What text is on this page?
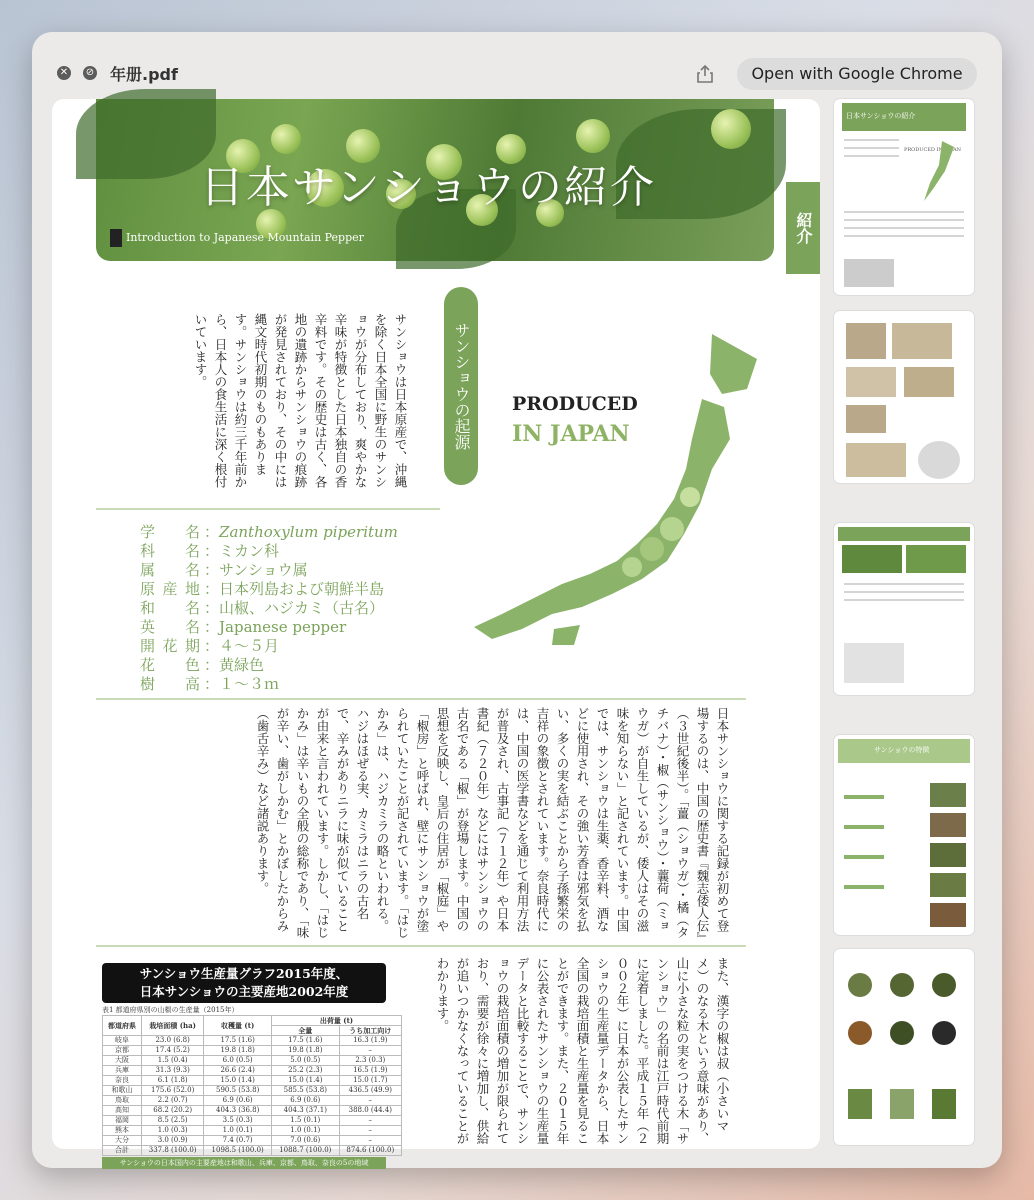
✕ ⊘ 年册.pdf	Open with Google Chrome
日本サンショウの紹介
Introduction to Japanese Mountain Pepper	紹介
サンショウは日本原産で、沖縄を除く日本全国に野生のサンショウが分布しており、爽やかな辛味が特徴とした日本独自の香辛料です。その歴史は古く、各地の遺跡からサンショウの痕跡が発見されており、その中には縄文時代初期のものもあります。サンショウは約三千年前から、日本人の食生活に深く根付いています。	サンショウの起源	PRODUCED
IN JAPAN
学名 ： Zanthoxylum piperitum
科名 ： ミカン科
属名 ： サンショウ属
原産地 ： 日本列島および朝鮮半島
和名 ： 山椒、ハジカミ（古名）
英名 ： Japanese pepper
開花期 ： ４～５月
花色 ： 黄緑色
樹高 ： １～３ｍ
日本サンショウに関する記録が初めて登場するのは、中国の歴史書『魏志倭人伝』（３世紀後半）。「薑（ショウガ）・橘（タチバナ）・椒（サンショウ）・蘘荷（ミョウガ）が自生しているが、倭人はその滋味を知らない」と記されています。中国では、サンショウは生薬、香辛料、酒などに使用され、その強い芳香は邪気を払い、多くの実を結ぶことから子孫繁栄の吉祥の象徴とされています。奈良時代には、中国の医学書などを通じて利用方法が普及され、古事記（７１２年）や日本書紀（７２０年）などにはサンショウの古名である「椒」が登場します。中国の思想を反映し、皇后の住居が「椒庭」や「椒房」と呼ばれ、壁にサンショウが塗られていたことが記されています。「はじかみ」は、ハジカミラの略といわれる。ハジはほぜる実、カミラはニラの古名で、辛みがありニラに味が似ていることが由来と言われています。しかし、「はじかみ」は辛いもの全般の総称であり、「味が辛い、歯がしかむ」とかぼしたからみ（歯舌辛み）など諸説あります。
サンショウ生産量グラフ2015年度、
日本サンショウの主要産地2002年度
表1 都道府県別の山椒の生産量（2015年）
都道府県	栽培面積 (ha)	収穫量 (t)	出荷量 (t)	
			全量	うち加工向け
岐阜	23.0 (6.8)	17.5 (1.6)	17.5 (1.6)	16.3 (1.9)
京都	17.4 (5.2)	19.8 (1.8)	19.8 (1.8)	–
大阪	1.5 (0.4)	6.0 (0.5)	5.0 (0.5)	2.3 (0.3)
兵庫	31.3 (9.3)	26.6 (2.4)	25.2 (2.3)	16.5 (1.9)
奈良	6.1 (1.8)	15.0 (1.4)	15.0 (1.4)	15.0 (1.7)
和歌山	175.6 (52.0)	590.5 (53.8)	585.5 (53.8)	436.5 (49.9)
鳥取	2.2 (0.7)	6.9 (0.6)	6.9 (0.6)	–
高知	68.2 (20.2)	404.3 (36.8)	404.3 (37.1)	388.0 (44.4)
福岡	8.5 (2.5)	3.5 (0.3)	1.5 (0.1)	–
熊本	1.0 (0.3)	1.0 (0.1)	1.0 (0.1)	–
大分	3.0 (0.9)	7.4 (0.7)	7.0 (0.6)	–
合計	337.8 (100.0)	1098.5 (100.0)	1088.7 (100.0)	874.6 (100.0)
サンショウの日本国内の主要産地は和歌山、兵庫、京都、鳥取、奈良の5の地域
また、漢字の椒は叔（小さいマメ）のなる木という意味があり、山に小さな粒の実をつける木「サンショウ」の名前は江戸時代前期に定着しました。平成１５年（２００２年）に日本が公表したサンショウの生産量データから、日本全国の栽培面積と生産量を見ることができます。また、２０１５年に公表されたサンショウの生産量データと比較することで、サンショウの栽培面積の増加が限られており、需要が徐々に増加し、供給が追いつかなくなっていることがわかります。
日本サンショウの紹介
PRODUCED IN JAPAN
サンショウの特徴
